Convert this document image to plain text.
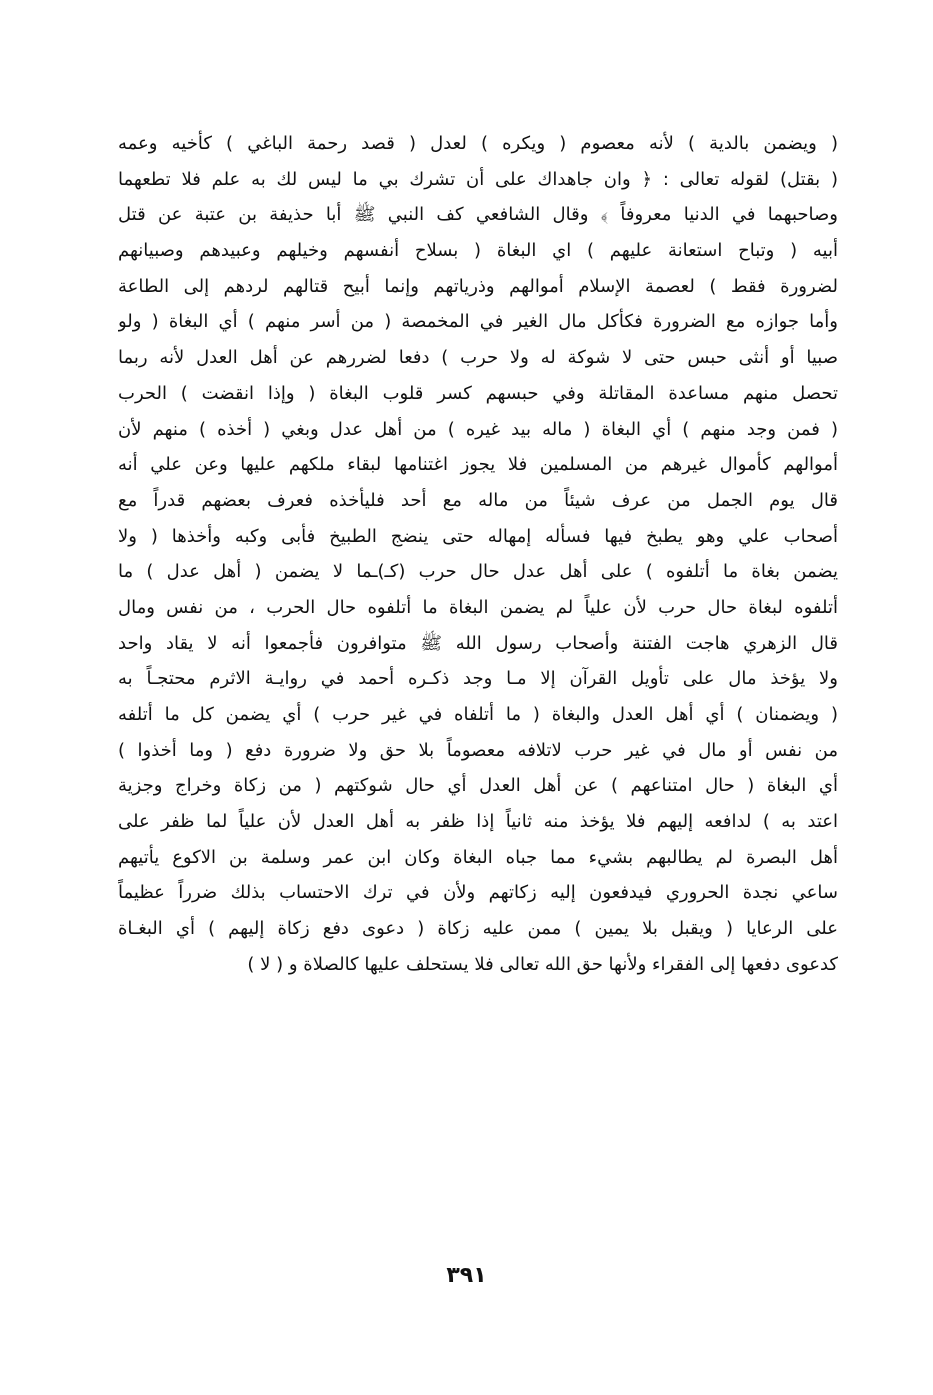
( ويضمن بالدية ) لأنه معصوم ( ويكره ) لعدل ( قصد رحمة الباغي ) كأخيه وعمه
( بقتل) لقوله تعالى : ﴿ وان جاهداك على أن تشرك بي ما ليس لك به علم فلا تطعهما
وصاحبهما في الدنيا معروفاً ﴾ وقال الشافعي كف النبي ﷺ أبا حذيفة بن عتبة عن قتل
أبيه ( وتباح استعانة عليهم ) اي البغاة ( بسلاح أنفسهم وخيلهم وعبيدهم وصبيانهم
لضرورة فقط ) لعصمة الإسلام أموالهم وذرياتهم وإنما أبيح قتالهم لردهم إلى الطاعة
وأما جوازه مع الضرورة فكأكل مال الغير في المخمصة ( من أسر منهم ) أي البغاة ( ولو
صبيا أو أنثى حبس حتى لا شوكة له ولا حرب ) دفعا لضررهم عن أهل العدل لأنه ربما
تحصل منهم مساعدة المقاتلة وفي حبسهم كسر قلوب البغاة ( وإذا انقضت ) الحرب
( فمن وجد منهم ) أي البغاة ( ماله بيد غيره ) من أهل عدل وبغي ( أخذه ) منهم لأن
أموالهم كأموال غيرهم من المسلمين فلا يجوز اغتنامها لبقاء ملكهم عليها وعن علي أنه
قال يوم الجمل من عرف شيئاً من ماله مع أحد فليأخذه فعرف بعضهم قدراً مع
أصحاب علي وهو يطبخ فيها فسأله إمهاله حتى ينضج الطبيخ فأبى وكبه وأخذها ( ولا
يضمن بغاة ما أتلفوه ) على أهل عدل حال حرب (كـ)ـما لا يضمن ( أهل عدل ) ما
أتلفوه لبغاة حال حرب لأن علياً لم يضمن البغاة ما أتلفوه حال الحرب ، من نفس ومال
قال الزهري هاجت الفتنة وأصحاب رسول الله ﷺ متوافرون فأجمعوا أنه لا يقاد واحد
ولا يؤخذ مال على تأويل القرآن إلا مـا وجد ذكـره أحمد في روايـة الاثرم محتجـاً به
( ويضمنان ) أي أهل العدل والبغاة ( ما أتلفاه في غير حرب ) أي يضمن كل ما أتلفه
من نفس أو مال في غير حرب لاتلافه معصوماً بلا حق ولا ضرورة دفع ( وما أخذوا )
أي البغاة ( حال امتناعهم ) عن أهل العدل أي حال شوكتهم ( من زكاة وخراج وجزية
اعتد به ) لدافعه إليهم فلا يؤخذ منه ثانياً إذا ظفر به أهل العدل لأن علياً لما ظفر على
أهل البصرة لم يطالبهم بشيء مما جباه البغاة وكان ابن عمر وسلمة بن الاكوع يأتيهم
ساعي نجدة الحروري فيدفعون إليه زكاتهم ولأن في ترك الاحتساب بذلك ضرراً عظيماً
على الرعايا ( ويقبل بلا يمين ) ممن عليه زكاة ( دعوى دفع زكاة إليهم ) أي البغـاة
كدعوى دفعها إلى الفقراء ولأنها حق الله تعالى فلا يستحلف عليها كالصلاة و ( لا )
٣٩١
